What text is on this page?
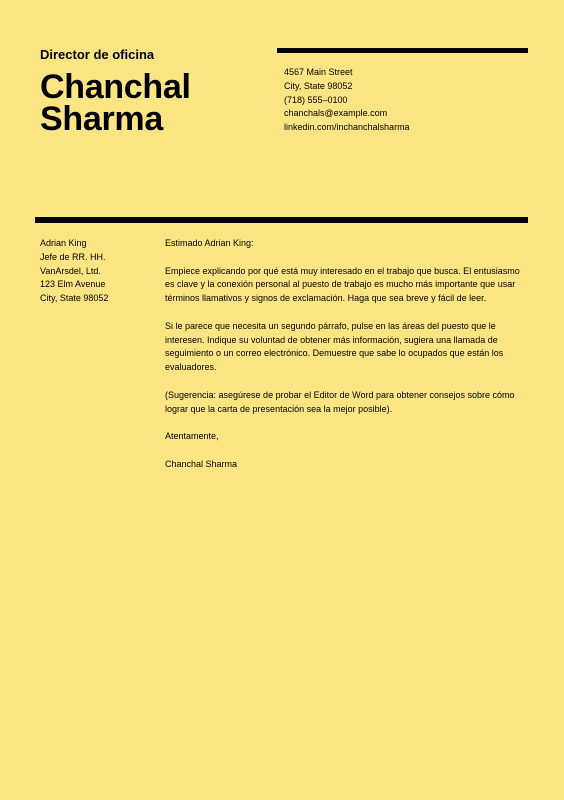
Director de oficina

Chanchal
Sharma
4567 Main Street
City, State 98052
(718) 555–0100
chanchals@example.com
linkedin.com/inchanchalsharma
Adrian King
Jefe de RR. HH.
VanArsdel, Ltd.
123 Elm Avenue
City, State 98052

Estimado Adrian King:

Empiece explicando por qué está muy interesado en el trabajo que busca. El entusiasmo es clave y la conexión personal al puesto de trabajo es mucho más importante que usar términos llamativos y signos de exclamación. Haga que sea breve y fácil de leer.

Si le parece que necesita un segundo párrafo, pulse en las áreas del puesto que le interesen. Indique su voluntad de obtener más información, sugiera una llamada de seguimiento o un correo electrónico. Demuestre que sabe lo ocupados que están los evaluadores.

(Sugerencia: asegúrese de probar el Editor de Word para obtener consejos sobre cómo lograr que la carta de presentación sea la mejor posible).

Atentamente,

Chanchal Sharma
